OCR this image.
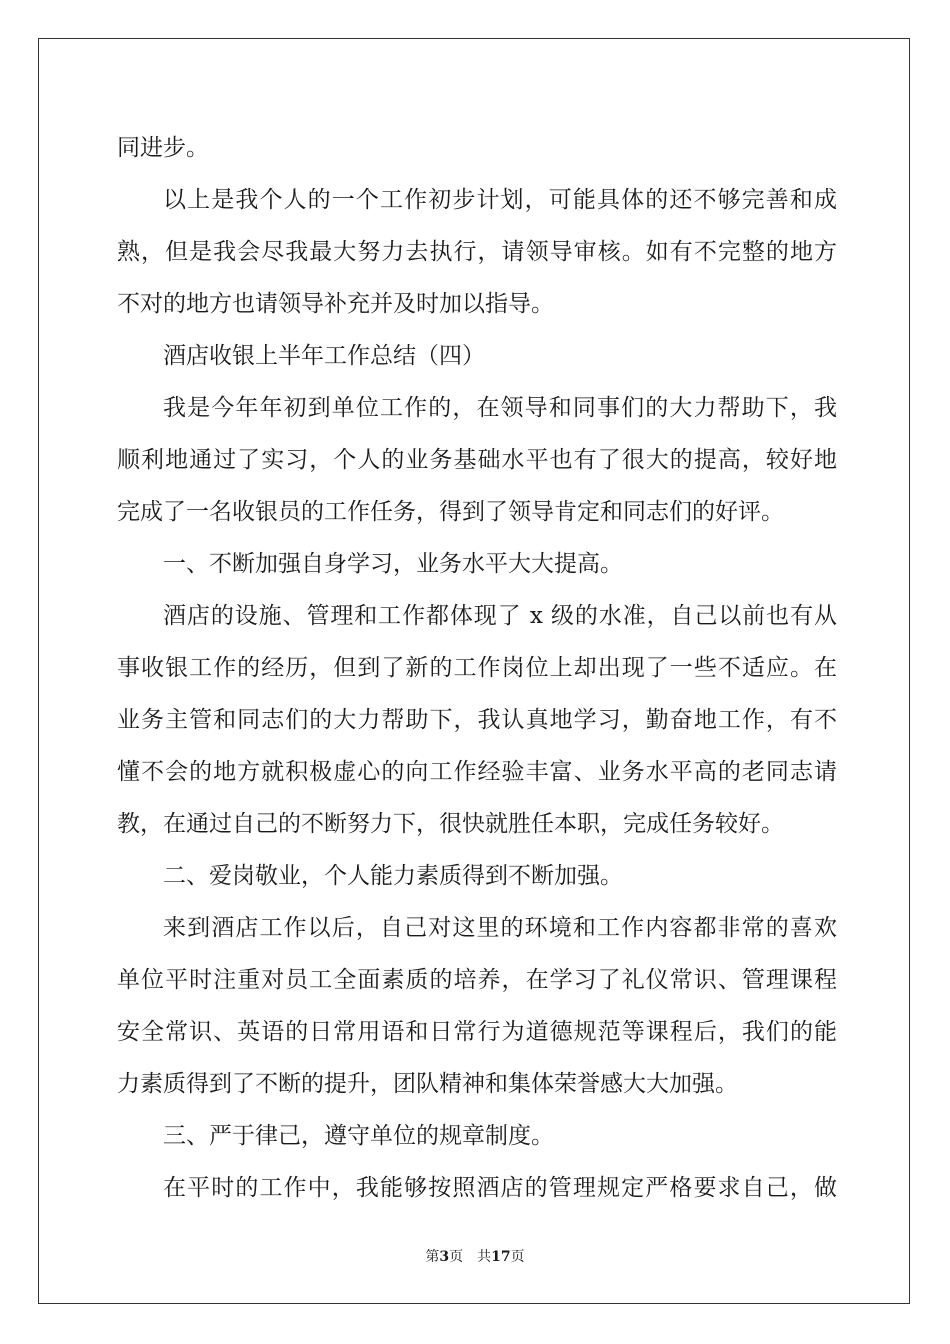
同进步。
以上是我个人的一个工作初步计划，可能具体的还不够完善和成
熟，但是我会尽我最大努力去执行，请领导审核。如有不完整的地方
不对的地方也请领导补充并及时加以指导。
酒店收银上半年工作总结（四）
我是今年年初到单位工作的，在领导和同事们的大力帮助下，我
顺利地通过了实习，个人的业务基础水平也有了很大的提高，较好地
完成了一名收银员的工作任务，得到了领导肯定和同志们的好评。
一、不断加强自身学习，业务水平大大提高。
酒店的设施、管理和工作都体现了 x 级的水准，自己以前也有从
事收银工作的经历，但到了新的工作岗位上却出现了一些不适应。在
业务主管和同志们的大力帮助下，我认真地学习，勤奋地工作，有不
懂不会的地方就积极虚心的向工作经验丰富、业务水平高的老同志请
教，在通过自己的不断努力下，很快就胜任本职，完成任务较好。
二、爱岗敬业，个人能力素质得到不断加强。
来到酒店工作以后，自己对这里的环境和工作内容都非常的喜欢
单位平时注重对员工全面素质的培养，在学习了礼仪常识、管理课程
安全常识、英语的日常用语和日常行为道德规范等课程后，我们的能
力素质得到了不断的提升，团队精神和集体荣誉感大大加强。
三、严于律己，遵守单位的规章制度。
在平时的工作中，我能够按照酒店的管理规定严格要求自己，做
第3页 共17页
